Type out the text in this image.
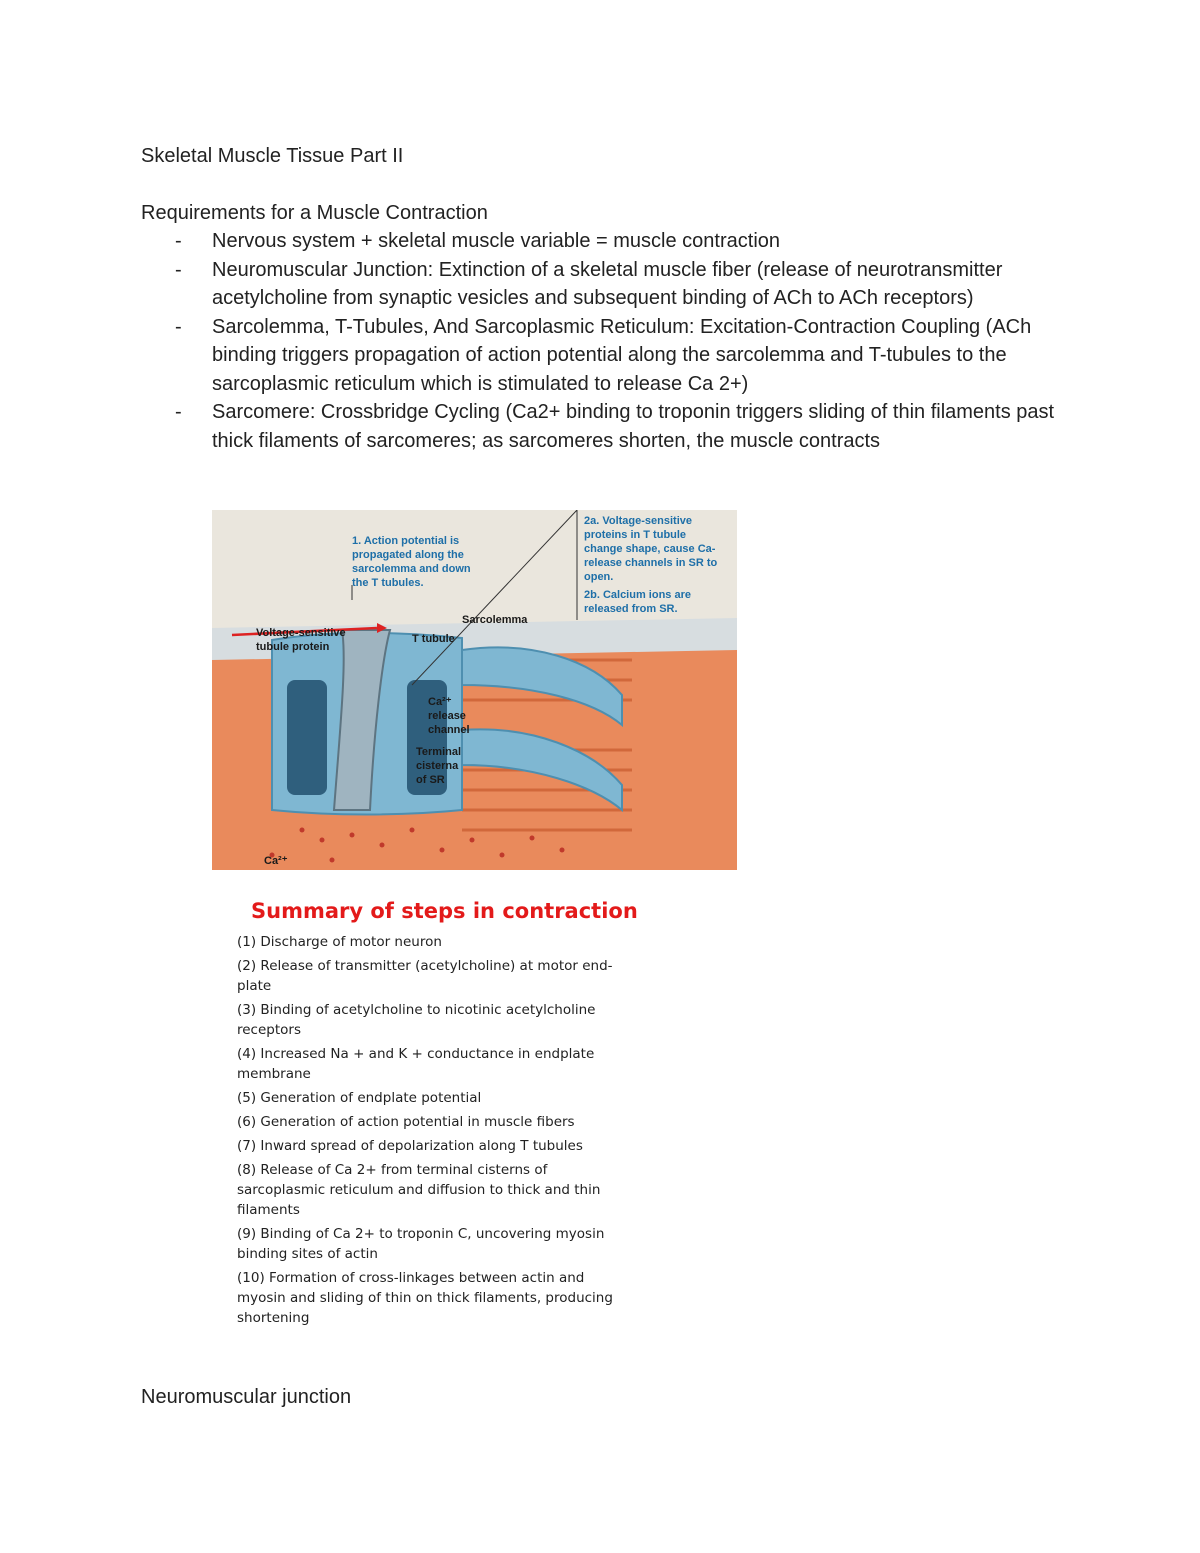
Skeletal Muscle Tissue Part II
Requirements for a Muscle Contraction
- Nervous system + skeletal muscle variable = muscle contraction
- Neuromuscular Junction: Extinction of a skeletal muscle fiber (release of neurotransmitter acetylcholine from synaptic vesicles and subsequent binding of ACh to ACh receptors)
- Sarcolemma, T-Tubules, And Sarcoplasmic Reticulum: Excitation-Contraction Coupling (ACh binding triggers propagation of action potential along the sarcolemma and T-tubules to the sarcoplasmic reticulum which is stimulated to release Ca 2+)
- Sarcomere: Crossbridge Cycling (Ca2+ binding to troponin triggers sliding of thin filaments past thick filaments of sarcomeres; as sarcomeres shorten, the muscle contracts
1. Action potential is propagated along the sarcolemma and down the T tubules.
2a. Voltage-sensitive proteins in T tubule change shape, cause Ca- release channels in SR to open.
2b. Calcium ions are released from SR.
Sarcolemma
T tubule
Voltage-sensitive tubule protein
Ca²⁺ release channel
Terminal cisterna of SR
Ca²⁺
Summary of steps in contraction
(1) Discharge of motor neuron
(2) Release of transmitter (acetylcholine) at motor end-plate
(3) Binding of acetylcholine to nicotinic acetylcholine receptors
(4) Increased Na + and K + conductance in endplate membrane
(5) Generation of endplate potential
(6) Generation of action potential in muscle fibers
(7) Inward spread of depolarization along T tubules
(8) Release of Ca 2+ from terminal cisterns of sarcoplasmic reticulum and diffusion to thick and thin filaments
(9) Binding of Ca 2+ to troponin C, uncovering myosin binding sites of actin
(10) Formation of cross-linkages between actin and myosin and sliding of thin on thick filaments, producing shortening
Neuromuscular junction
